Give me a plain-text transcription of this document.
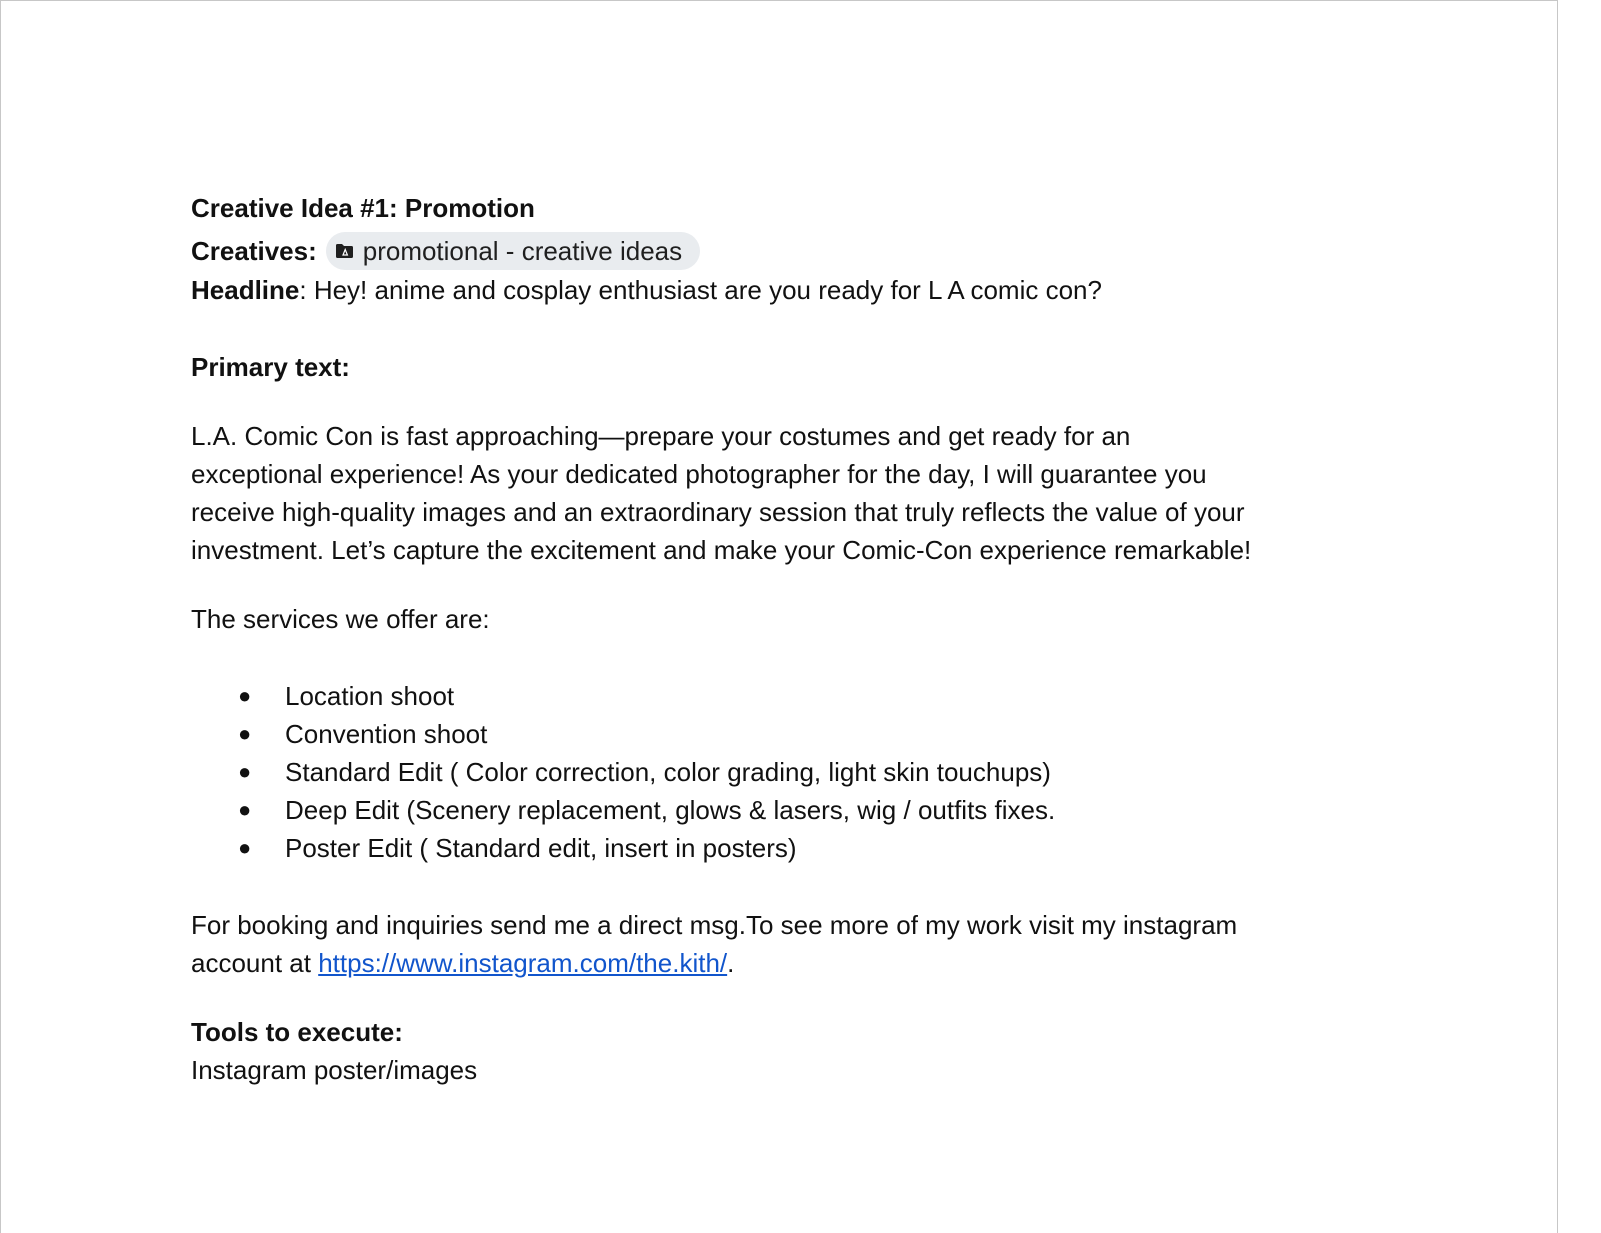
Creative Idea #1: Promotion
Creatives: promotional - creative ideas
Headline: Hey! anime and cosplay enthusiast are you ready for L A comic con?
Primary text:
L.A. Comic Con is fast approaching—prepare your costumes and get ready for an
exceptional experience! As your dedicated photographer for the day, I will guarantee you
receive high-quality images and an extraordinary session that truly reflects the value of your
investment. Let’s capture the excitement and make your Comic-Con experience remarkable!
The services we offer are:
● Location shoot
● Convention shoot
● Standard Edit ( Color correction, color grading, light skin touchups)
● Deep Edit (Scenery replacement, glows & lasers, wig / outfits fixes.
● Poster Edit ( Standard edit, insert in posters)
For booking and inquiries send me a direct msg.To see more of my work visit my instagram
account at https://www.instagram.com/the.kith/.
Tools to execute:
Instagram poster/images
